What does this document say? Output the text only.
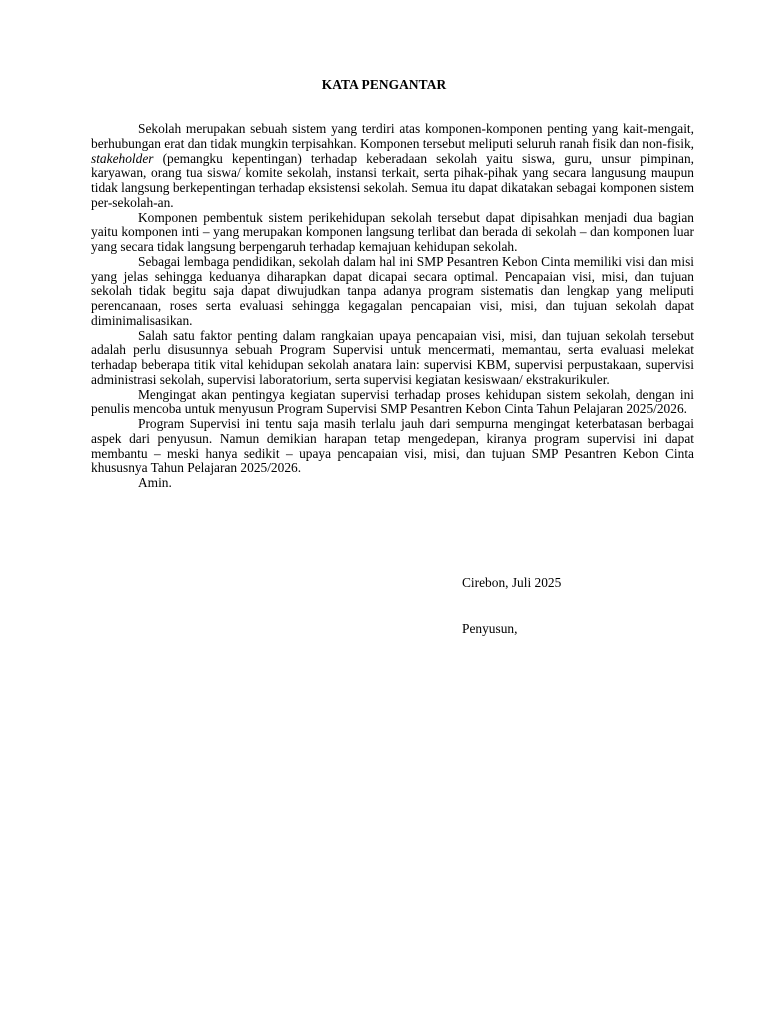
KATA PENGANTAR

Sekolah merupakan sebuah sistem yang terdiri atas komponen-komponen penting yang kait-mengait, berhubungan erat dan tidak mungkin terpisahkan. Komponen tersebut meliputi seluruh ranah fisik dan non-fisik, stakeholder (pemangku kepentingan) terhadap keberadaan sekolah yaitu siswa, guru, unsur pimpinan, karyawan, orang tua siswa/ komite sekolah, instansi terkait, serta pihak-pihak yang secara langusung maupun tidak langsung berkepentingan terhadap eksistensi sekolah. Semua itu dapat dikatakan sebagai komponen sistem per-sekolah-an.

Komponen pembentuk sistem perikehidupan sekolah tersebut dapat dipisahkan menjadi dua bagian yaitu komponen inti – yang merupakan komponen langsung terlibat dan berada di sekolah – dan komponen luar yang secara tidak langsung berpengaruh terhadap kemajuan kehidupan sekolah.

Sebagai lembaga pendidikan, sekolah dalam hal ini SMP Pesantren Kebon Cinta memiliki visi dan misi yang jelas sehingga keduanya diharapkan dapat dicapai secara optimal. Pencapaian visi, misi, dan tujuan sekolah tidak begitu saja dapat diwujudkan tanpa adanya program sistematis dan lengkap yang meliputi perencanaan, roses serta evaluasi sehingga kegagalan pencapaian visi, misi, dan tujuan sekolah dapat diminimalisasikan.

Salah satu faktor penting dalam rangkaian upaya pencapaian visi, misi, dan tujuan sekolah tersebut adalah perlu disusunnya sebuah Program Supervisi untuk mencermati, memantau, serta evaluasi melekat terhadap beberapa titik vital kehidupan sekolah anatara lain: supervisi KBM, supervisi perpustakaan, supervisi administrasi sekolah, supervisi laboratorium, serta supervisi kegiatan kesiswaan/ ekstrakurikuler.

Mengingat akan pentingya kegiatan supervisi terhadap proses kehidupan sistem sekolah, dengan ini penulis mencoba untuk menyusun Program Supervisi SMP Pesantren Kebon Cinta Tahun Pelajaran 2025/2026.

Program Supervisi ini tentu saja masih terlalu jauh dari sempurna mengingat keterbatasan berbagai aspek dari penyusun. Namun demikian harapan tetap mengedepan, kiranya program supervisi ini dapat membantu – meski hanya sedikit – upaya pencapaian visi, misi, dan tujuan SMP Pesantren Kebon Cinta khususnya Tahun Pelajaran 2025/2026.

Amin.

Cirebon, Juli 2025
Penyusun,
